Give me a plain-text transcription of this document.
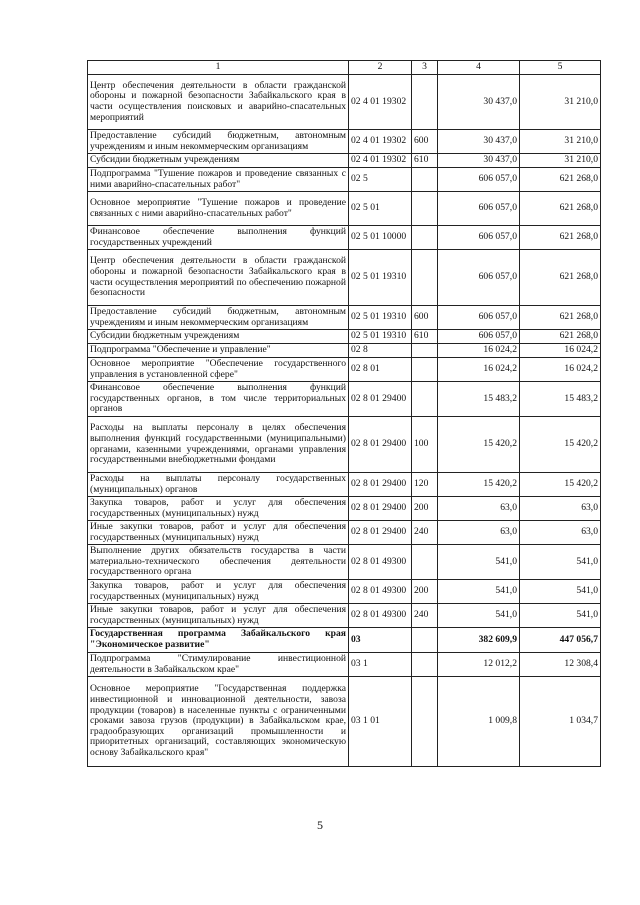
1	2	3	4	5
Центр обеспечения деятельности в области гражданской обороны и пожарной безопасности Забайкальского края в части осуществления поисковых и аварийно-спасательных мероприятий	02 4 01 19302		30 437,0	31 210,0
Предоставление субсидий бюджетным, автономным учреждениям и иным некоммерческим организациям	02 4 01 19302	600	30 437,0	31 210,0
Субсидии бюджетным учреждениям	02 4 01 19302	610	30 437,0	31 210,0
Подпрограмма "Тушение пожаров и проведение связанных с ними аварийно-спасательных работ"	02 5		606 057,0	621 268,0
Основное мероприятие "Тушение пожаров и проведение связанных с ними аварийно-спасательных работ"	02 5 01		606 057,0	621 268,0
Финансовое обеспечение выполнения функций государственных учреждений	02 5 01 10000		606 057,0	621 268,0
Центр обеспечения деятельности в области гражданской обороны и пожарной безопасности Забайкальского края в части осуществления мероприятий по обеспечению пожарной безопасности	02 5 01 19310		606 057,0	621 268,0
Предоставление субсидий бюджетным, автономным учреждениям и иным некоммерческим организациям	02 5 01 19310	600	606 057,0	621 268,0
Субсидии бюджетным учреждениям	02 5 01 19310	610	606 057,0	621 268,0
Подпрограмма "Обеспечение и управление"	02 8		16 024,2	16 024,2
Основное мероприятие "Обеспечение государственного управления в установленной сфере"	02 8 01		16 024,2	16 024,2
Финансовое обеспечение выполнения функций государственных органов, в том числе территориальных органов	02 8 01 29400		15 483,2	15 483,2
Расходы на выплаты персоналу в целях обеспечения выполнения функций государственными (муниципальными) органами, казенными учреждениями, органами управления государственными внебюджетными фондами	02 8 01 29400	100	15 420,2	15 420,2
Расходы на выплаты персоналу государственных (муниципальных) органов	02 8 01 29400	120	15 420,2	15 420,2
Закупка товаров, работ и услуг для обеспечения государственных (муниципальных) нужд	02 8 01 29400	200	63,0	63,0
Иные закупки товаров, работ и услуг для обеспечения государственных (муниципальных) нужд	02 8 01 29400	240	63,0	63,0
Выполнение других обязательств государства в части материально-технического обеспечения деятельности государственного органа	02 8 01 49300		541,0	541,0
Закупка товаров, работ и услуг для обеспечения государственных (муниципальных) нужд	02 8 01 49300	200	541,0	541,0
Иные закупки товаров, работ и услуг для обеспечения государственных (муниципальных) нужд	02 8 01 49300	240	541,0	541,0
Государственная программа Забайкальского края "Экономическое развитие"	03		382 609,9	447 056,7
Подпрограмма "Стимулирование инвестиционной деятельности в Забайкальском крае"	03 1		12 012,2	12 308,4
Основное мероприятие "Государственная поддержка инвестиционной и инновационной деятельности, завоза продукции (товаров) в населенные пункты с ограниченными сроками завоза грузов (продукции) в Забайкальском крае, градообразующих организаций промышленности и приоритетных организаций, составляющих экономическую основу Забайкальского края"	03 1 01		1 009,8	1 034,7
5
